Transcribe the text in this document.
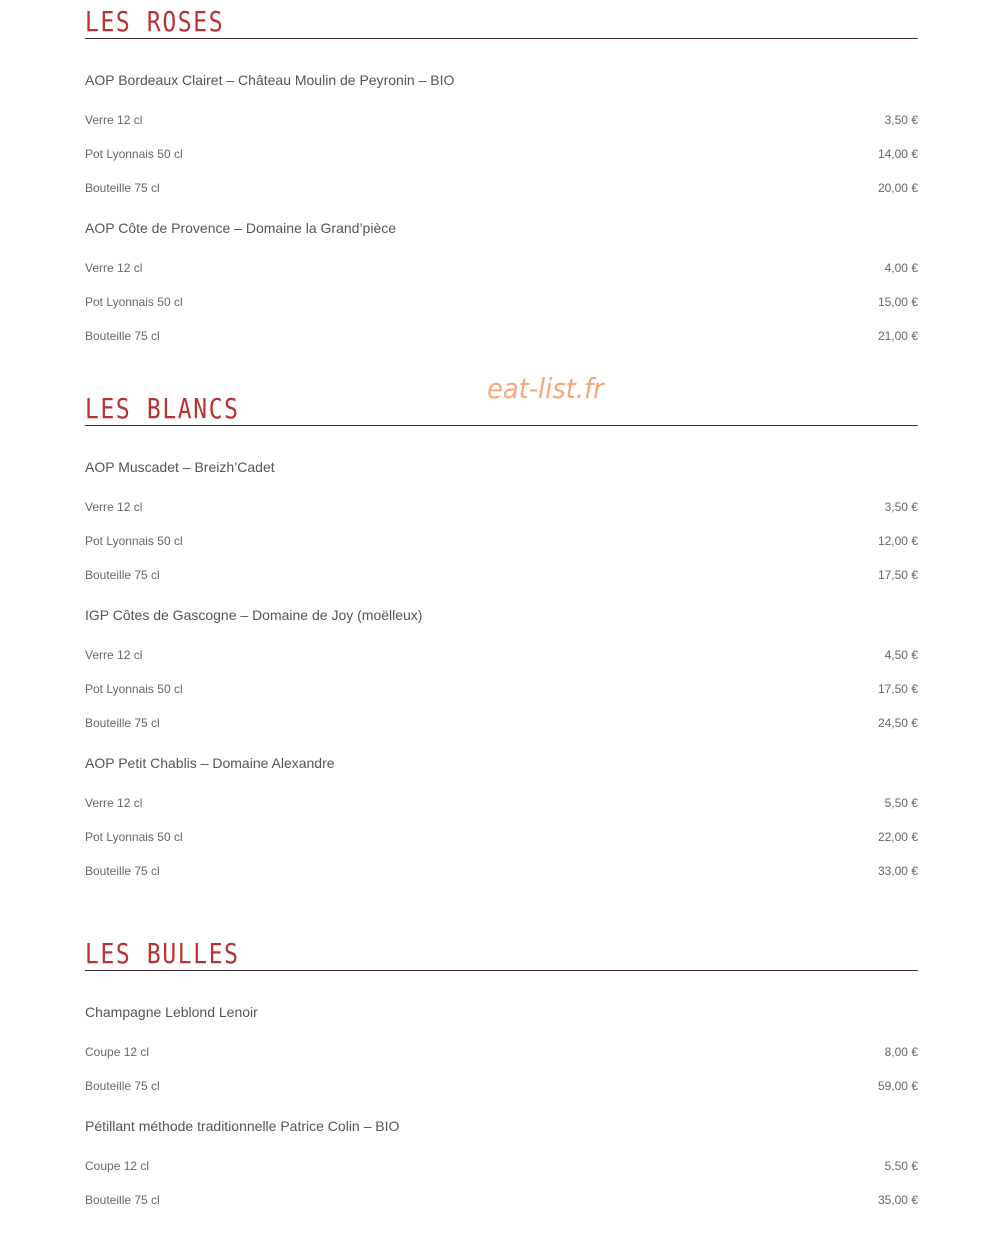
LES ROSES
AOP Bordeaux Clairet – Château Moulin de Peyronin – BIO
Verre 12 cl	3,50 €
Pot Lyonnais 50 cl	14,00 €
Bouteille 75 cl	20,00 €
AOP Côte de Provence – Domaine la Grand’pièce
Verre 12 cl	4,00 €
Pot Lyonnais 50 cl	15,00 €
Bouteille 75 cl	21,00 €
eat-list.fr
LES BLANCS
AOP Muscadet – Breizh’Cadet
Verre 12 cl	3,50 €
Pot Lyonnais 50 cl	12,00 €
Bouteille 75 cl	17,50 €
IGP Côtes de Gascogne – Domaine de Joy (moëlleux)
Verre 12 cl	4,50 €
Pot Lyonnais 50 cl	17,50 €
Bouteille 75 cl	24,50 €
AOP Petit Chablis – Domaine Alexandre
Verre 12 cl	5,50 €
Pot Lyonnais 50 cl	22,00 €
Bouteille 75 cl	33,00 €
LES BULLES
Champagne Leblond Lenoir
Coupe 12 cl	8,00 €
Bouteille 75 cl	59,00 €
Pétillant méthode traditionnelle Patrice Colin – BIO
Coupe 12 cl	5,50 €
Bouteille 75 cl	35,00 €
